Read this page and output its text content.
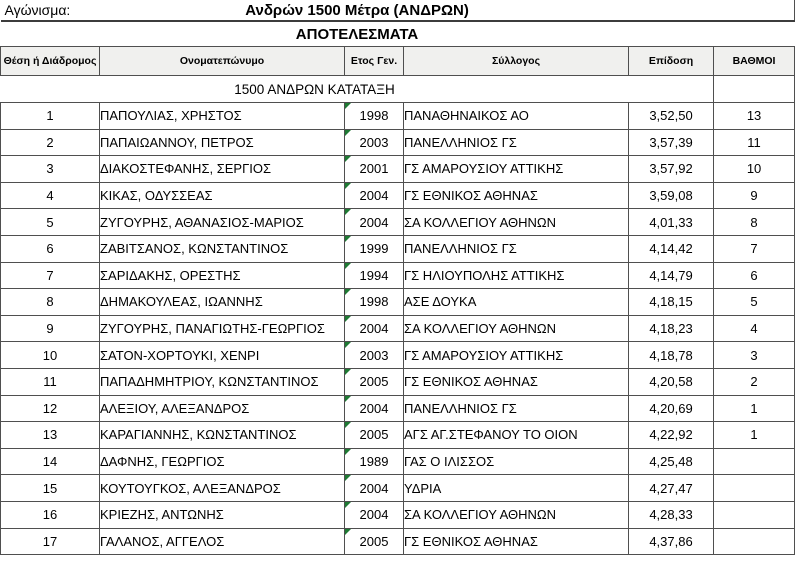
Αγώνισμα: Ανδρών 1500 Μέτρα (ΑΝΔΡΩΝ)					

ΑΠΟΤΕΛΕΣΜΑΤΑ					

Θέση ή Διάδρομος	Ονοματεπώνυμο	Ετος Γεν.	Σύλλογος	Επίδοση	ΒΑΘΜΟΙ

1500 ΑΝΔΡΩΝ ΚΑΤΑΤΑΞΗ					

1	ΠΑΠΟΥΛΙΑΣ, ΧΡΗΣΤΟΣ	1998	ΠΑΝΑΘΗΝΑΙΚΟΣ ΑΟ	3,52,50	13
2	ΠΑΠΑΙΩΑΝΝΟΥ, ΠΕΤΡΟΣ	2003	ΠΑΝΕΛΛΗΝΙΟΣ ΓΣ	3,57,39	11
3	ΔΙΑΚΟΣΤΕΦΑΝΗΣ, ΣΕΡΓΙΟΣ	2001	ΓΣ ΑΜΑΡΟΥΣΙΟΥ ΑΤΤΙΚΗΣ	3,57,92	10
4	ΚΙΚΑΣ, ΟΔΥΣΣΕΑΣ	2004	ΓΣ ΕΘΝΙΚΟΣ ΑΘΗΝΑΣ	3,59,08	9
5	ΖΥΓΟΥΡΗΣ, ΑΘΑΝΑΣΙΟΣ-ΜΑΡΙΟΣ	2004	ΣΑ ΚΟΛΛΕΓΙΟΥ ΑΘΗΝΩΝ	4,01,33	8
6	ΖΑΒΙΤΣΑΝΟΣ, ΚΩΝΣΤΑΝΤΙΝΟΣ	1999	ΠΑΝΕΛΛΗΝΙΟΣ ΓΣ	4,14,42	7
7	ΣΑΡΙΔΑΚΗΣ, ΟΡΕΣΤΗΣ	1994	ΓΣ ΗΛΙΟΥΠΟΛΗΣ ΑΤΤΙΚΗΣ	4,14,79	6
8	ΔΗΜΑΚΟΥΛΕΑΣ, ΙΩΑΝΝΗΣ	1998	ΑΣΕ ΔΟΥΚΑ	4,18,15	5
9	ΖΥΓΟΥΡΗΣ, ΠΑΝΑΓΙΩΤΗΣ-ΓΕΩΡΓΙΟΣ	2004	ΣΑ ΚΟΛΛΕΓΙΟΥ ΑΘΗΝΩΝ	4,18,23	4
10	ΣΑΤΟΝ-ΧΟΡΤΟΥΚΙ, ΧΕΝΡΙ	2003	ΓΣ ΑΜΑΡΟΥΣΙΟΥ ΑΤΤΙΚΗΣ	4,18,78	3
11	ΠΑΠΑΔΗΜΗΤΡΙΟΥ, ΚΩΝΣΤΑΝΤΙΝΟΣ	2005	ΓΣ ΕΘΝΙΚΟΣ ΑΘΗΝΑΣ	4,20,58	2
12	ΑΛΕΞΙΟΥ, ΑΛΕΞΑΝΔΡΟΣ	2004	ΠΑΝΕΛΛΗΝΙΟΣ ΓΣ	4,20,69	1
13	ΚΑΡΑΓΙΑΝΝΗΣ, ΚΩΝΣΤΑΝΤΙΝΟΣ	2005	ΑΓΣ ΑΓ.ΣΤΕΦΑΝΟΥ ΤΟ ΟΙΟΝ	4,22,92	1
14	ΔΑΦΝΗΣ, ΓΕΩΡΓΙΟΣ	1989	ΓΑΣ Ο ΙΛΙΣΣΟΣ	4,25,48	
15	ΚΟΥΤΟΥΓΚΟΣ, ΑΛΕΞΑΝΔΡΟΣ	2004	ΥΔΡΙΑ	4,27,47	
16	ΚΡΙΕΖΗΣ, ΑΝΤΩΝΗΣ	2004	ΣΑ ΚΟΛΛΕΓΙΟΥ ΑΘΗΝΩΝ	4,28,33	
17	ΓΑΛΑΝΟΣ, ΑΓΓΕΛΟΣ	2005	ΓΣ ΕΘΝΙΚΟΣ ΑΘΗΝΑΣ	4,37,86	
